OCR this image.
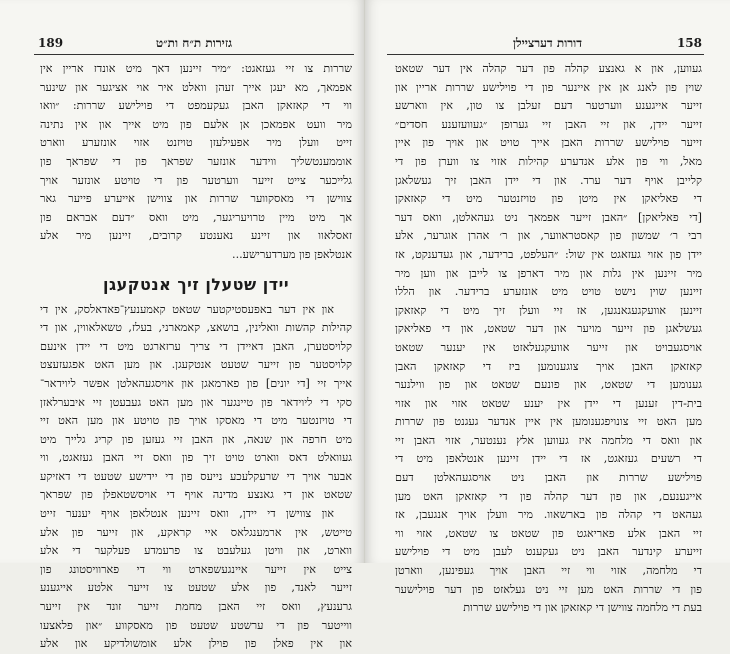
189	גזירות ת״ח ות״ט
שררות צו זיי געזאגט: ״מיר זיינען דאך מיט אונדז אריין אין
אפמאך, מא יעגן אייך זעהן וואלט איר אוי אציגער און שינער
ווי די קאזאקן האבן געקעמפט די פוילישע שררות: ״וואו
מיר וועט אפמאכן אן אלעם פון מיט אייך און אין נתינה
זייט וועלן מיר אפעילעזן טויזנט אזוי אונזערע ווארט
אוממענטשליך ווידער אונזער שפראך פון די שפראך פון
גלייכער צייט זייער ווערטער פון די טויטע אונזער אויך
צווישן די מאסקווער שררות און צווישן אייערע פייער גאר
אך מיט מיין טרויעריגער, מיט וואס ״דעם אבראם פון
זאסלאוו און זיינע נאענטע קרובים, זיינען מיר אלע
אנטלאפן פון מערדערישע...
יידן שטעלן זיך אנטקעגן
און אין דער באפעסטיקטער שטאט קאמענעץ־פאדאלסק, אין די
קהילות קהשות וואלינין, בושאצ, קאמארני, בעלז, טשאלאווין, און די
קלויסטערן, האבן דאיידן די צריך ערזארגט מיט די יידן אינעם
קלויסטער פון זייער שטעט אנטקעגן. און מען האט אפגעזעצט
אייך זיי [די יונים] פון פארמאגן און אויסגעהאלטן אפשר ליוידאר־
סקי די ליוידאר פון טיינגער און מען האט געבעטן זיי איבערלאזן
די טויזנטער מיט די מאסקו אויך פון טויטע און מען האט זיי
מיט חרפה און שנאה, און האבן זיי געזען פון קריג גלייך מיט
געוואלט דאס ווארט טויט זיך פון וואס זיי האבן געזאגט, ווי
אבער אויך די שרעקלעכע נייעס פון די יידישע שטעט די דאזיקע
שטאט און די גאנצע מדינה אויף די אויסשטאפלן פון שפראך
און צווישן די יידן, וואס זיינען אנטלאפן אויף יענער זייט
טייטש, אין ארמענגלאס איי קראקע, און זייער פון אלע
ווארט, און וויטן געלעבט צו פרעמדע פעלקער די אלע
צייט אין זייער איינגעשפארט ווי די פארוויסטונג פון
זייער לאנד, פון אלע שטעט צו זייער אלטע אייגענע
גרענעץ, וואס זיי האבן מחמת זייער זונד אין זייער
ווייטער פון די ערשטע שטעט פון מאסקווע ״און פלאצעו
און אין פאלן פון פוילן אלע אומשולדיקע און אלע
דורות דערציילן	158
געווען, און א גאנצע קהלה פון דער קהלה אין דער שטאט
שוין פון לאנג אן אין איינער פון די פוילישע שררות אריין און
זייער אייגענע ווערטער דעם זעלבן צו טון, אין ווארשע
זייער יידן, און זיי האבן זיי גערופן ״געוועזענע חסדים״
זייער פוילישע שררות האבן אייך טויט און אויך פון איין
מאל, ווי פון אלע אנדערע קהילות אזוי צו ווערן פון די
קלייבן אויף דער ערד. און די יידן האבן זיך געשלאגן
די פאליאקן אין מיטן פון טויזנטער מיט די קאזאקן
[די פאליאקן] ״האבן זייער אפמאך ניט געהאלטן, וואס דער
רבי ר׳ שמשון פון קאסטראווער, און ר׳ אהרן אוגרער, אלע
יידן פון אזוי געזאגט אין שול: ״העלפט, ברידער, און געדענקט, אז
מיר זיינען אין גלות און מיר דארפן צו לייבן און ווען מיר
זיינען שוין נישט טויט מיט אונזערע ברידער. און הללו
זיינען אוועקגעגאנגען, אז זיי וועלן זיך מיט די קאזאקן
געשלאגן פון זייער מויער און דער שטאט, און די פאליאקן
אויסגעבויט און זייער אוועקגעלאזט אין יענער שטאט
קאזאקן האבן אויך צוגענומען ביז די קאזאקן האבן
גענומען די שטאט, און פונעם שטאט און פון ווילנער
בית-דין זענען די יידן אין יענע שטאט אזוי און אזוי
מען האט זיי צונויפגענומען אין איין אנדער געגנט פון שררות
און וואס די מלחמה איז געווען אלץ נענטער, אזוי האבן זיי
די רשעים געזאגט, אז די יידן זיינען אנטלאפן מיט די
פוילישע שררות און האבן ניט אויסגעהאלטן דעם
אייגענעם, און פון דער קהלה פון די קאזאקן האט מען
געהאט די קהלה פון בארשאוו. מיר וועלן אויך אנגעבן, אז
זיי האבן אלע פאריאגט פון שטאט צו שטאט, אזוי ווי
זייערע קינדער האבן ניט געקענט לעבן מיט די פוילישע
די מלחמה, אזוי ווי זיי האבן אויך געפינען, ווארטן
פון די שררות האט מען זיי ניט געלאזט פון דער פוילישער
בעת די מלחמה צווישן די קאזאקן און די פוילישע שררות
